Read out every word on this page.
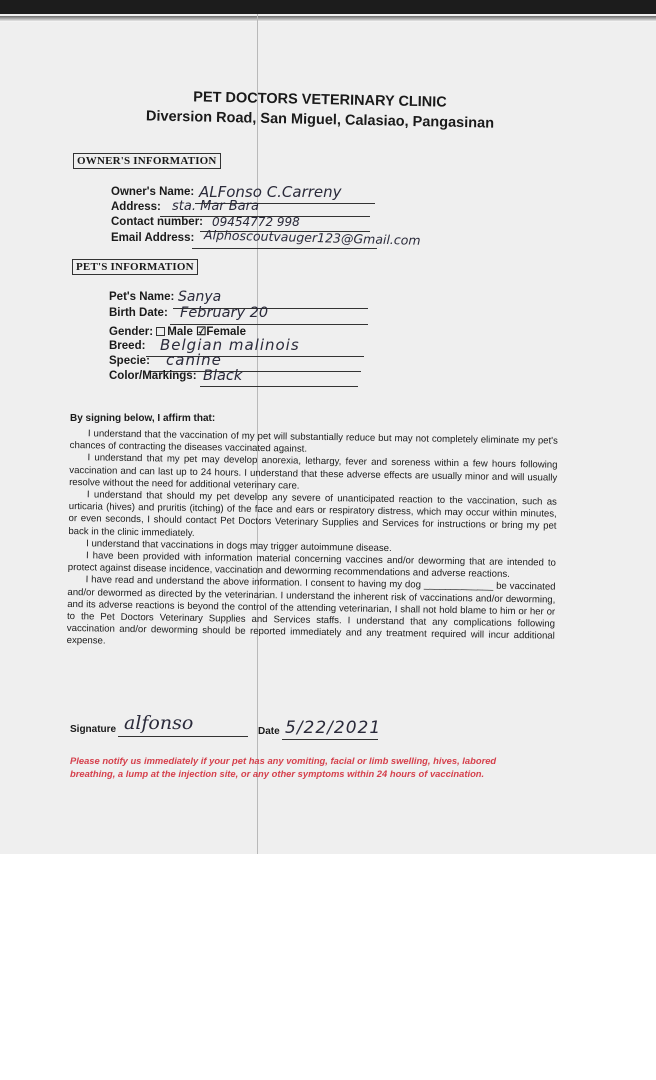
PET DOCTORS VETERINARY CLINIC
Diversion Road, San Miguel, Calasiao, Pangasinan
OWNER'S INFORMATION
Owner's Name: ALFonso C.Carreny
Address: sta. Mar Bara
Contact number: 09454772 998
Email Address: Alphoscoutvauger123@Gmail.com
PET'S INFORMATION
Pet's Name: Sanya
Birth Date: February 20
Gender: Male ☑Female
Breed: Belgian malinois
Specie: canine
Color/Markings: Black
By signing below, I affirm that:

I understand that the vaccination of my pet will substantially reduce but may not completely eliminate my pet's chances of contracting the diseases vaccinated against.

I understand that my pet may develop anorexia, lethargy, fever and soreness within a few hours following vaccination and can last up to 24 hours. I understand that these adverse effects are usually minor and will usually resolve without the need for additional veterinary care.

I understand that should my pet develop any severe of unanticipated reaction to the vaccination, such as urticaria (hives) and pruritis (itching) of the face and ears or respiratory distress, which may occur within minutes, or even seconds, I should contact Pet Doctors Veterinary Supplies and Services for instructions or bring my pet back in the clinic immediately.

I understand that vaccinations in dogs may trigger autoimmune disease.

I have been provided with information material concerning vaccines and/or deworming that are intended to protect against disease incidence, vaccination and deworming recommendations and adverse reactions.

I have read and understand the above information. I consent to having my dog _____________ be vaccinated and/or dewormed as directed by the veterinarian. I understand the inherent risk of vaccinations and/or deworming, and its adverse reactions is beyond the control of the attending veterinarian, I shall not hold blame to him or her or to the Pet Doctors Veterinary Supplies and Services staffs. I understand that any complications following vaccination and/or deworming should be reported immediately and any treatment required will incur additional expense.

Signature alfonso	Date 5/22/2021
Please notify us immediately if your pet has any vomiting, facial or limb swelling, hives, labored breathing, a lump at the injection site, or any other symptoms within 24 hours of vaccination.
